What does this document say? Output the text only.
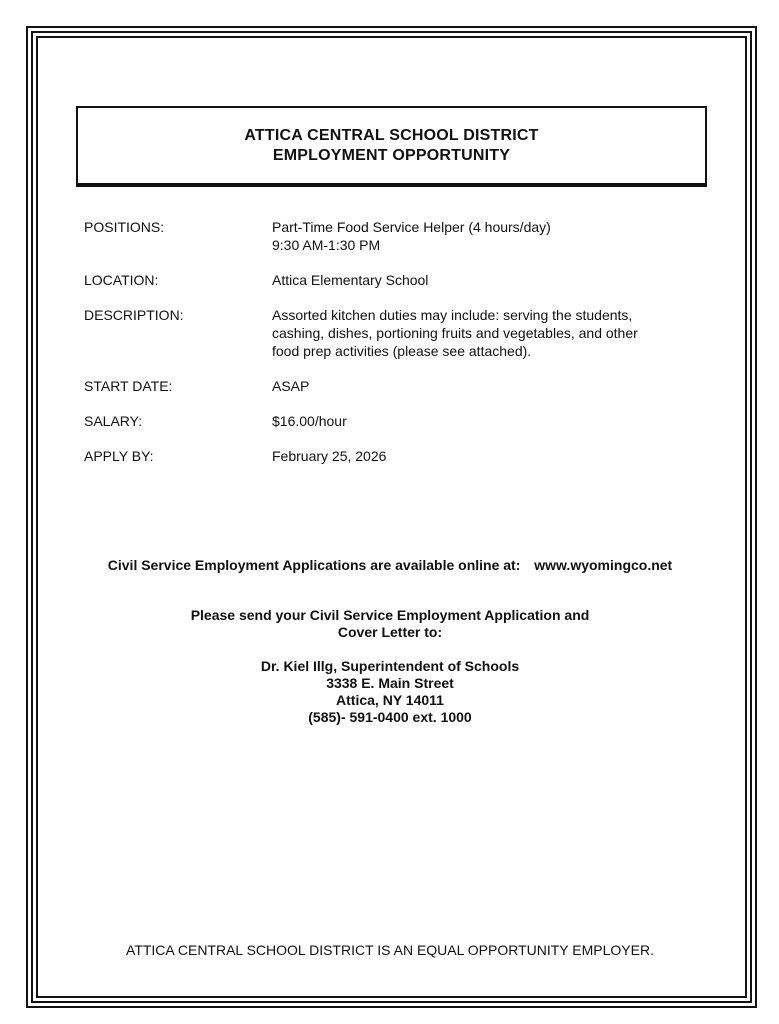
ATTICA CENTRAL SCHOOL DISTRICT
EMPLOYMENT OPPORTUNITY
POSITIONS:	Part-Time Food Service Helper (4 hours/day)
9:30 AM-1:30 PM
LOCATION:	Attica Elementary School
DESCRIPTION:	Assorted kitchen duties may include: serving the students,
cashing, dishes, portioning fruits and vegetables, and other
food prep activities (please see attached).
START DATE:	ASAP
SALARY:	$16.00/hour
APPLY BY:	February 25, 2026
Civil Service Employment Applications are available online at: www.wyomingco.net
Please send your Civil Service Employment Application and
Cover Letter to:
Dr. Kiel Illg, Superintendent of Schools
3338 E. Main Street
Attica, NY 14011
(585)- 591-0400 ext. 1000
ATTICA CENTRAL SCHOOL DISTRICT IS AN EQUAL OPPORTUNITY EMPLOYER.
